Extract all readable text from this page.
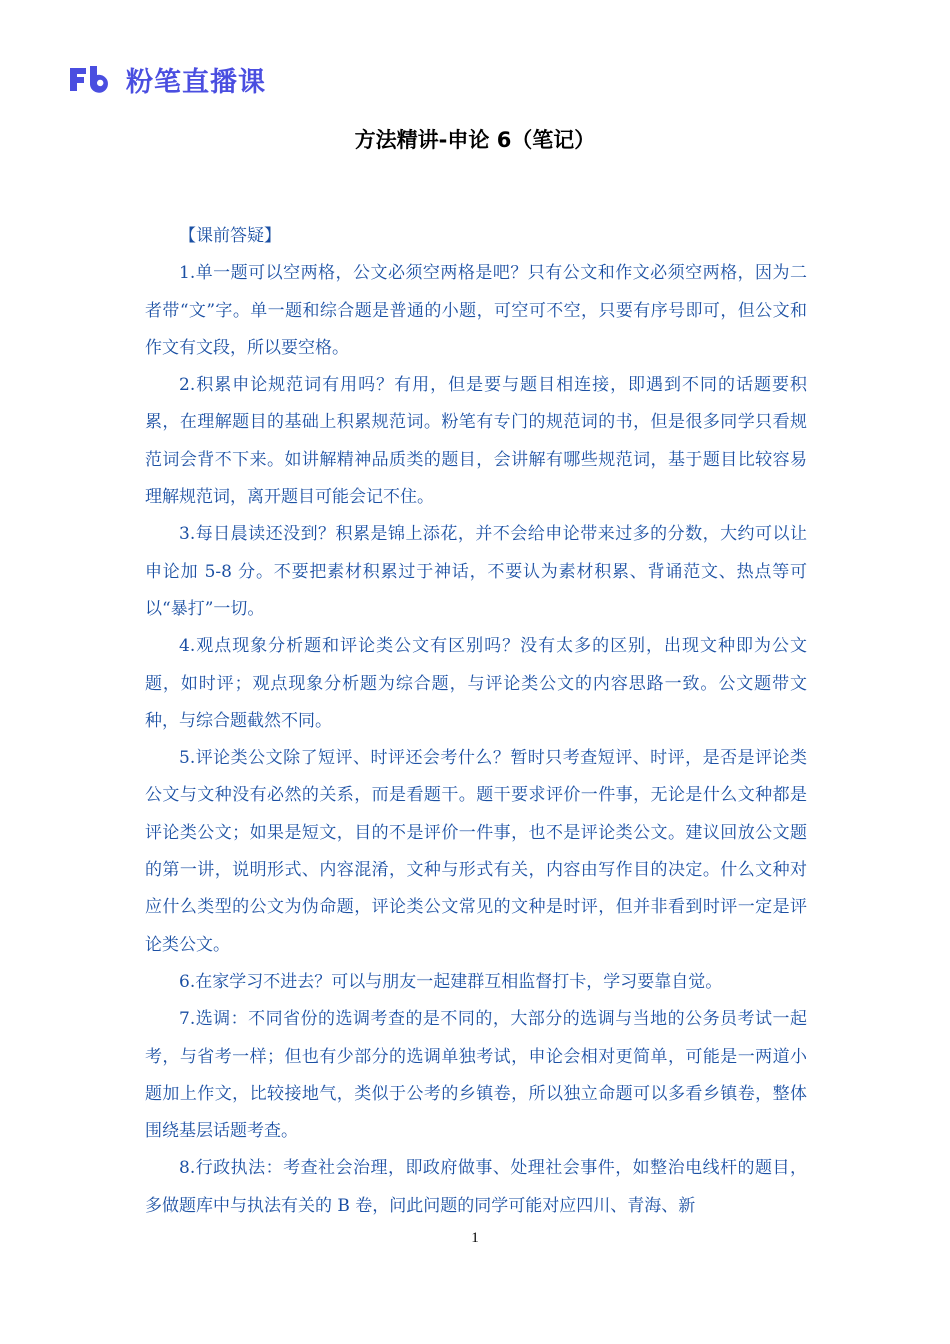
粉笔直播课
方法精讲-申论 6（笔记）

【课前答疑】

1.单一题可以空两格，公文必须空两格是吧？只有公文和作文必须空两格，因为二者带“文”字。单一题和综合题是普通的小题，可空可不空，只要有序号即可，但公文和作文有文段，所以要空格。

2.积累申论规范词有用吗？有用，但是要与题目相连接，即遇到不同的话题要积累，在理解题目的基础上积累规范词。粉笔有专门的规范词的书，但是很多同学只看规范词会背不下来。如讲解精神品质类的题目，会讲解有哪些规范词，基于题目比较容易理解规范词，离开题目可能会记不住。

3.每日晨读还没到？积累是锦上添花，并不会给申论带来过多的分数，大约可以让申论加 5-8 分。不要把素材积累过于神话，不要认为素材积累、背诵范文、热点等可以“暴打”一切。

4.观点现象分析题和评论类公文有区别吗？没有太多的区别，出现文种即为公文题，如时评；观点现象分析题为综合题，与评论类公文的内容思路一致。公文题带文种，与综合题截然不同。

5.评论类公文除了短评、时评还会考什么？暂时只考查短评、时评，是否是评论类公文与文种没有必然的关系，而是看题干。题干要求评价一件事，无论是什么文种都是评论类公文；如果是短文，目的不是评价一件事，也不是评论类公文。建议回放公文题的第一讲，说明形式、内容混淆，文种与形式有关，内容由写作目的决定。什么文种对应什么类型的公文为伪命题，评论类公文常见的文种是时评，但并非看到时评一定是评论类公文。

6.在家学习不进去？可以与朋友一起建群互相监督打卡，学习要靠自觉。

7.选调：不同省份的选调考查的是不同的，大部分的选调与当地的公务员考试一起考，与省考一样；但也有少部分的选调单独考试，申论会相对更简单，可能是一两道小题加上作文，比较接地气，类似于公考的乡镇卷，所以独立命题可以多看乡镇卷，整体围绕基层话题考查。

8.行政执法：考查社会治理，即政府做事、处理社会事件，如整治电线杆的题目，多做题库中与执法有关的 B 卷，问此问题的同学可能对应四川、青海、新

1
